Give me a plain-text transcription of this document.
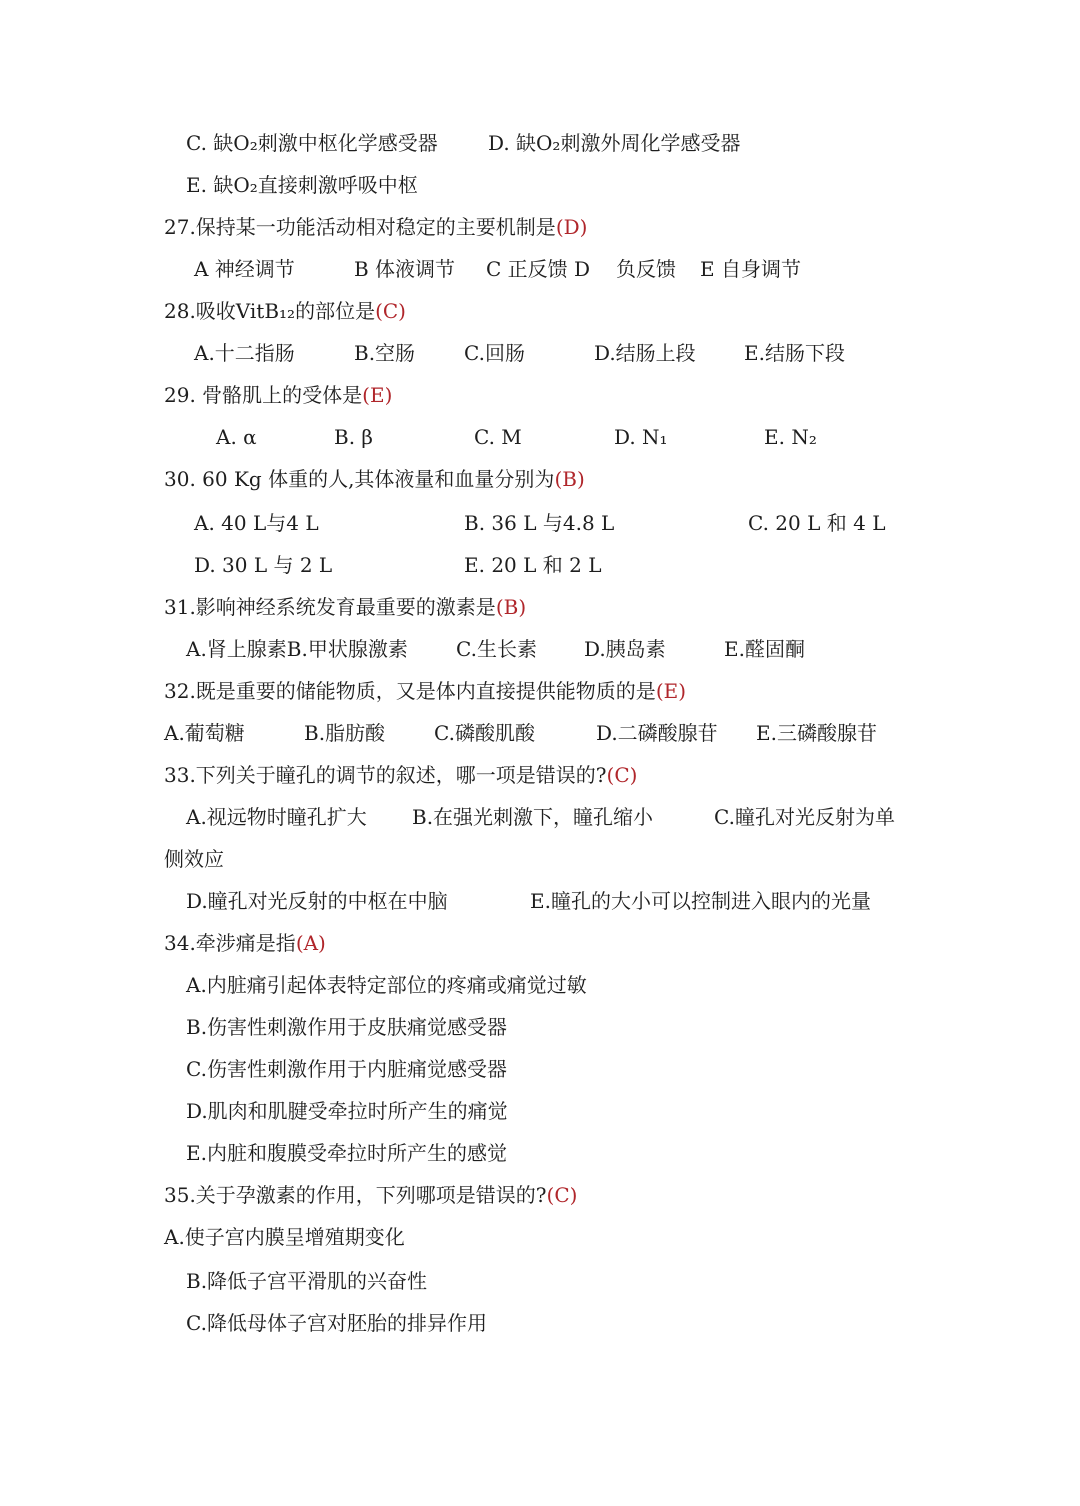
C. 缺O₂刺激中枢化学感受器	D. 缺O₂刺激外周化学感受器
E. 缺O₂直接刺激呼吸中枢
27.保持某一功能活动相对稳定的主要机制是(D)
A 神经调节	B 体液调节 C 正反馈 D 负反馈 E 自身调节
28.吸收VitB₁₂的部位是(C)
A.十二指肠	B.空肠 C.回肠	D.结肠上段 E.结肠下段
29. 骨骼肌上的受体是(E)
A. α	B. β	C. M	D. N₁	E. N₂
30. 60 Kg 体重的人,其体液量和血量分别为(B)
A. 40 L与4 L	B. 36 L 与4.8 L	C. 20 L 和 4 L
D. 30 L 与 2 L	E. 20 L 和 2 L
31.影响神经系统发育最重要的激素是(B)
A.肾上腺素B.甲状腺激素 C.生长素 D.胰岛素	E.醛固酮
32.既是重要的储能物质，又是体内直接提供能物质的是(E)
A.葡萄糖	B.脂肪酸 C.磷酸肌酸	D.二磷酸腺苷 E.三磷酸腺苷
33.下列关于瞳孔的调节的叙述，哪一项是错误的?(C)
A.视远物时瞳孔扩大 B.在强光刺激下，瞳孔缩小	C.瞳孔对光反射为单
侧效应
D.瞳孔对光反射的中枢在中脑	E.瞳孔的大小可以控制进入眼内的光量
34.牵涉痛是指(A)
A.内脏痛引起体表特定部位的疼痛或痛觉过敏
B.伤害性刺激作用于皮肤痛觉感受器
C.伤害性刺激作用于内脏痛觉感受器
D.肌肉和肌腱受牵拉时所产生的痛觉
E.内脏和腹膜受牵拉时所产生的感觉
35.关于孕激素的作用，下列哪项是错误的?(C)
A.使子宫内膜呈增殖期变化
B.降低子宫平滑肌的兴奋性
C.降低母体子宫对胚胎的排异作用
